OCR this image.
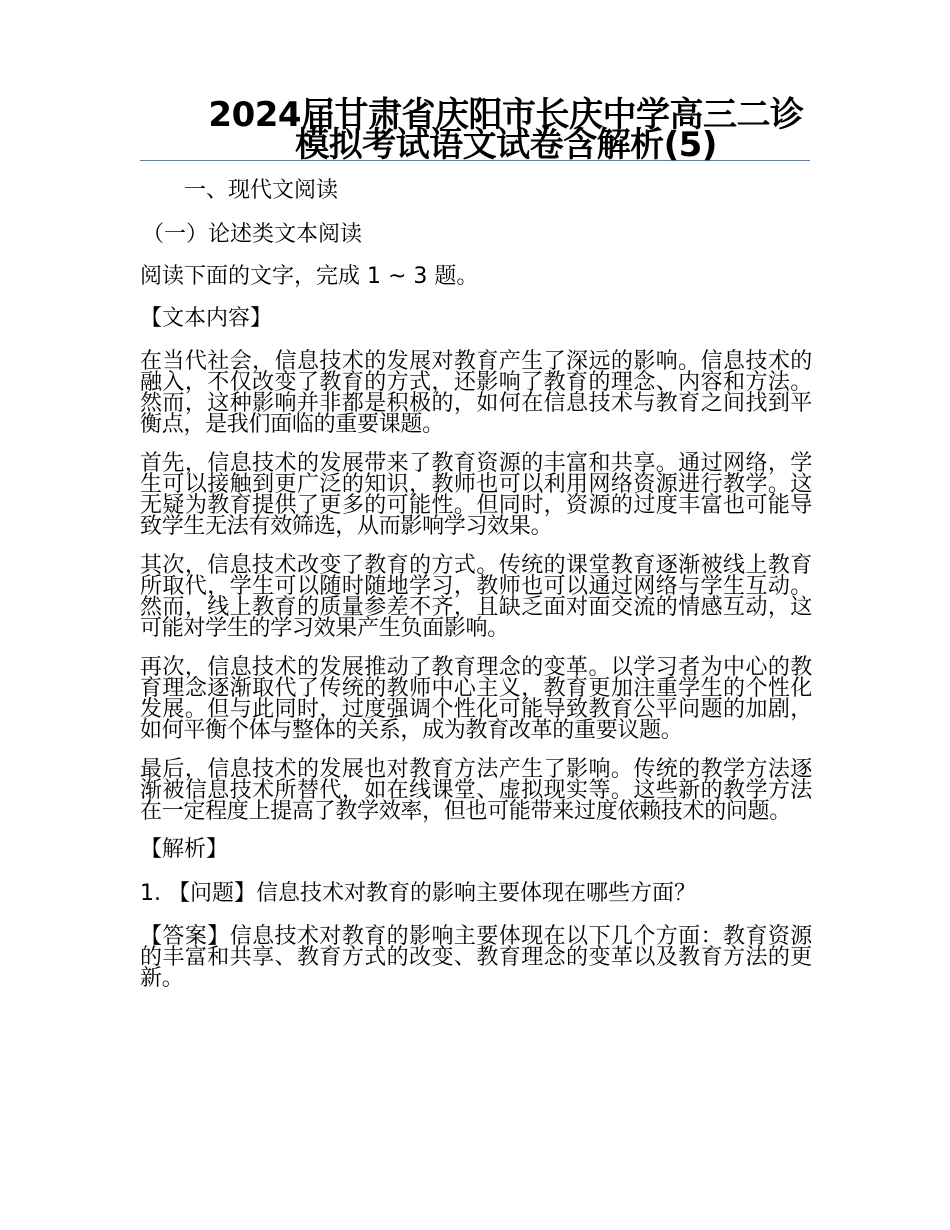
2024届甘肃省庆阳市长庆中学高三二诊模拟考试语文试卷含解析(5)
一、现代文阅读
（一）论述类文本阅读
阅读下面的文字，完成 1 ~ 3 题。
【文本内容】

在当代社会，信息技术的发展对教育产生了深远的影响。信息技术的融入，不仅改变了教育的方式，还影响了教育的理念、内容和方法。然而，这种影响并非都是积极的，如何在信息技术与教育之间找到平衡点，是我们面临的重要课题。

首先，信息技术的发展带来了教育资源的丰富和共享。通过网络，学生可以接触到更广泛的知识，教师也可以利用网络资源进行教学。这无疑为教育提供了更多的可能性。但同时，资源的过度丰富也可能导致学生无法有效筛选，从而影响学习效果。

其次，信息技术改变了教育的方式。传统的课堂教育逐渐被线上教育所取代，学生可以随时随地学习，教师也可以通过网络与学生互动。然而，线上教育的质量参差不齐，且缺乏面对面交流的情感互动，这可能对学生的学习效果产生负面影响。

再次，信息技术的发展推动了教育理念的变革。以学习者为中心的教育理念逐渐取代了传统的教师中心主义，教育更加注重学生的个性化发展。但与此同时，过度强调个性化可能导致教育公平问题的加剧，如何平衡个体与整体的关系，成为教育改革的重要议题。

最后，信息技术的发展也对教育方法产生了影响。传统的教学方法逐渐被信息技术所替代，如在线课堂、虚拟现实等。这些新的教学方法在一定程度上提高了教学效率，但也可能带来过度依赖技术的问题。

【解析】
1. 【问题】信息技术对教育的影响主要体现在哪些方面？

【答案】信息技术对教育的影响主要体现在以下几个方面：教育资源的丰富和共享、教育方式的改变、教育理念的变革以及教育方法的更新。
